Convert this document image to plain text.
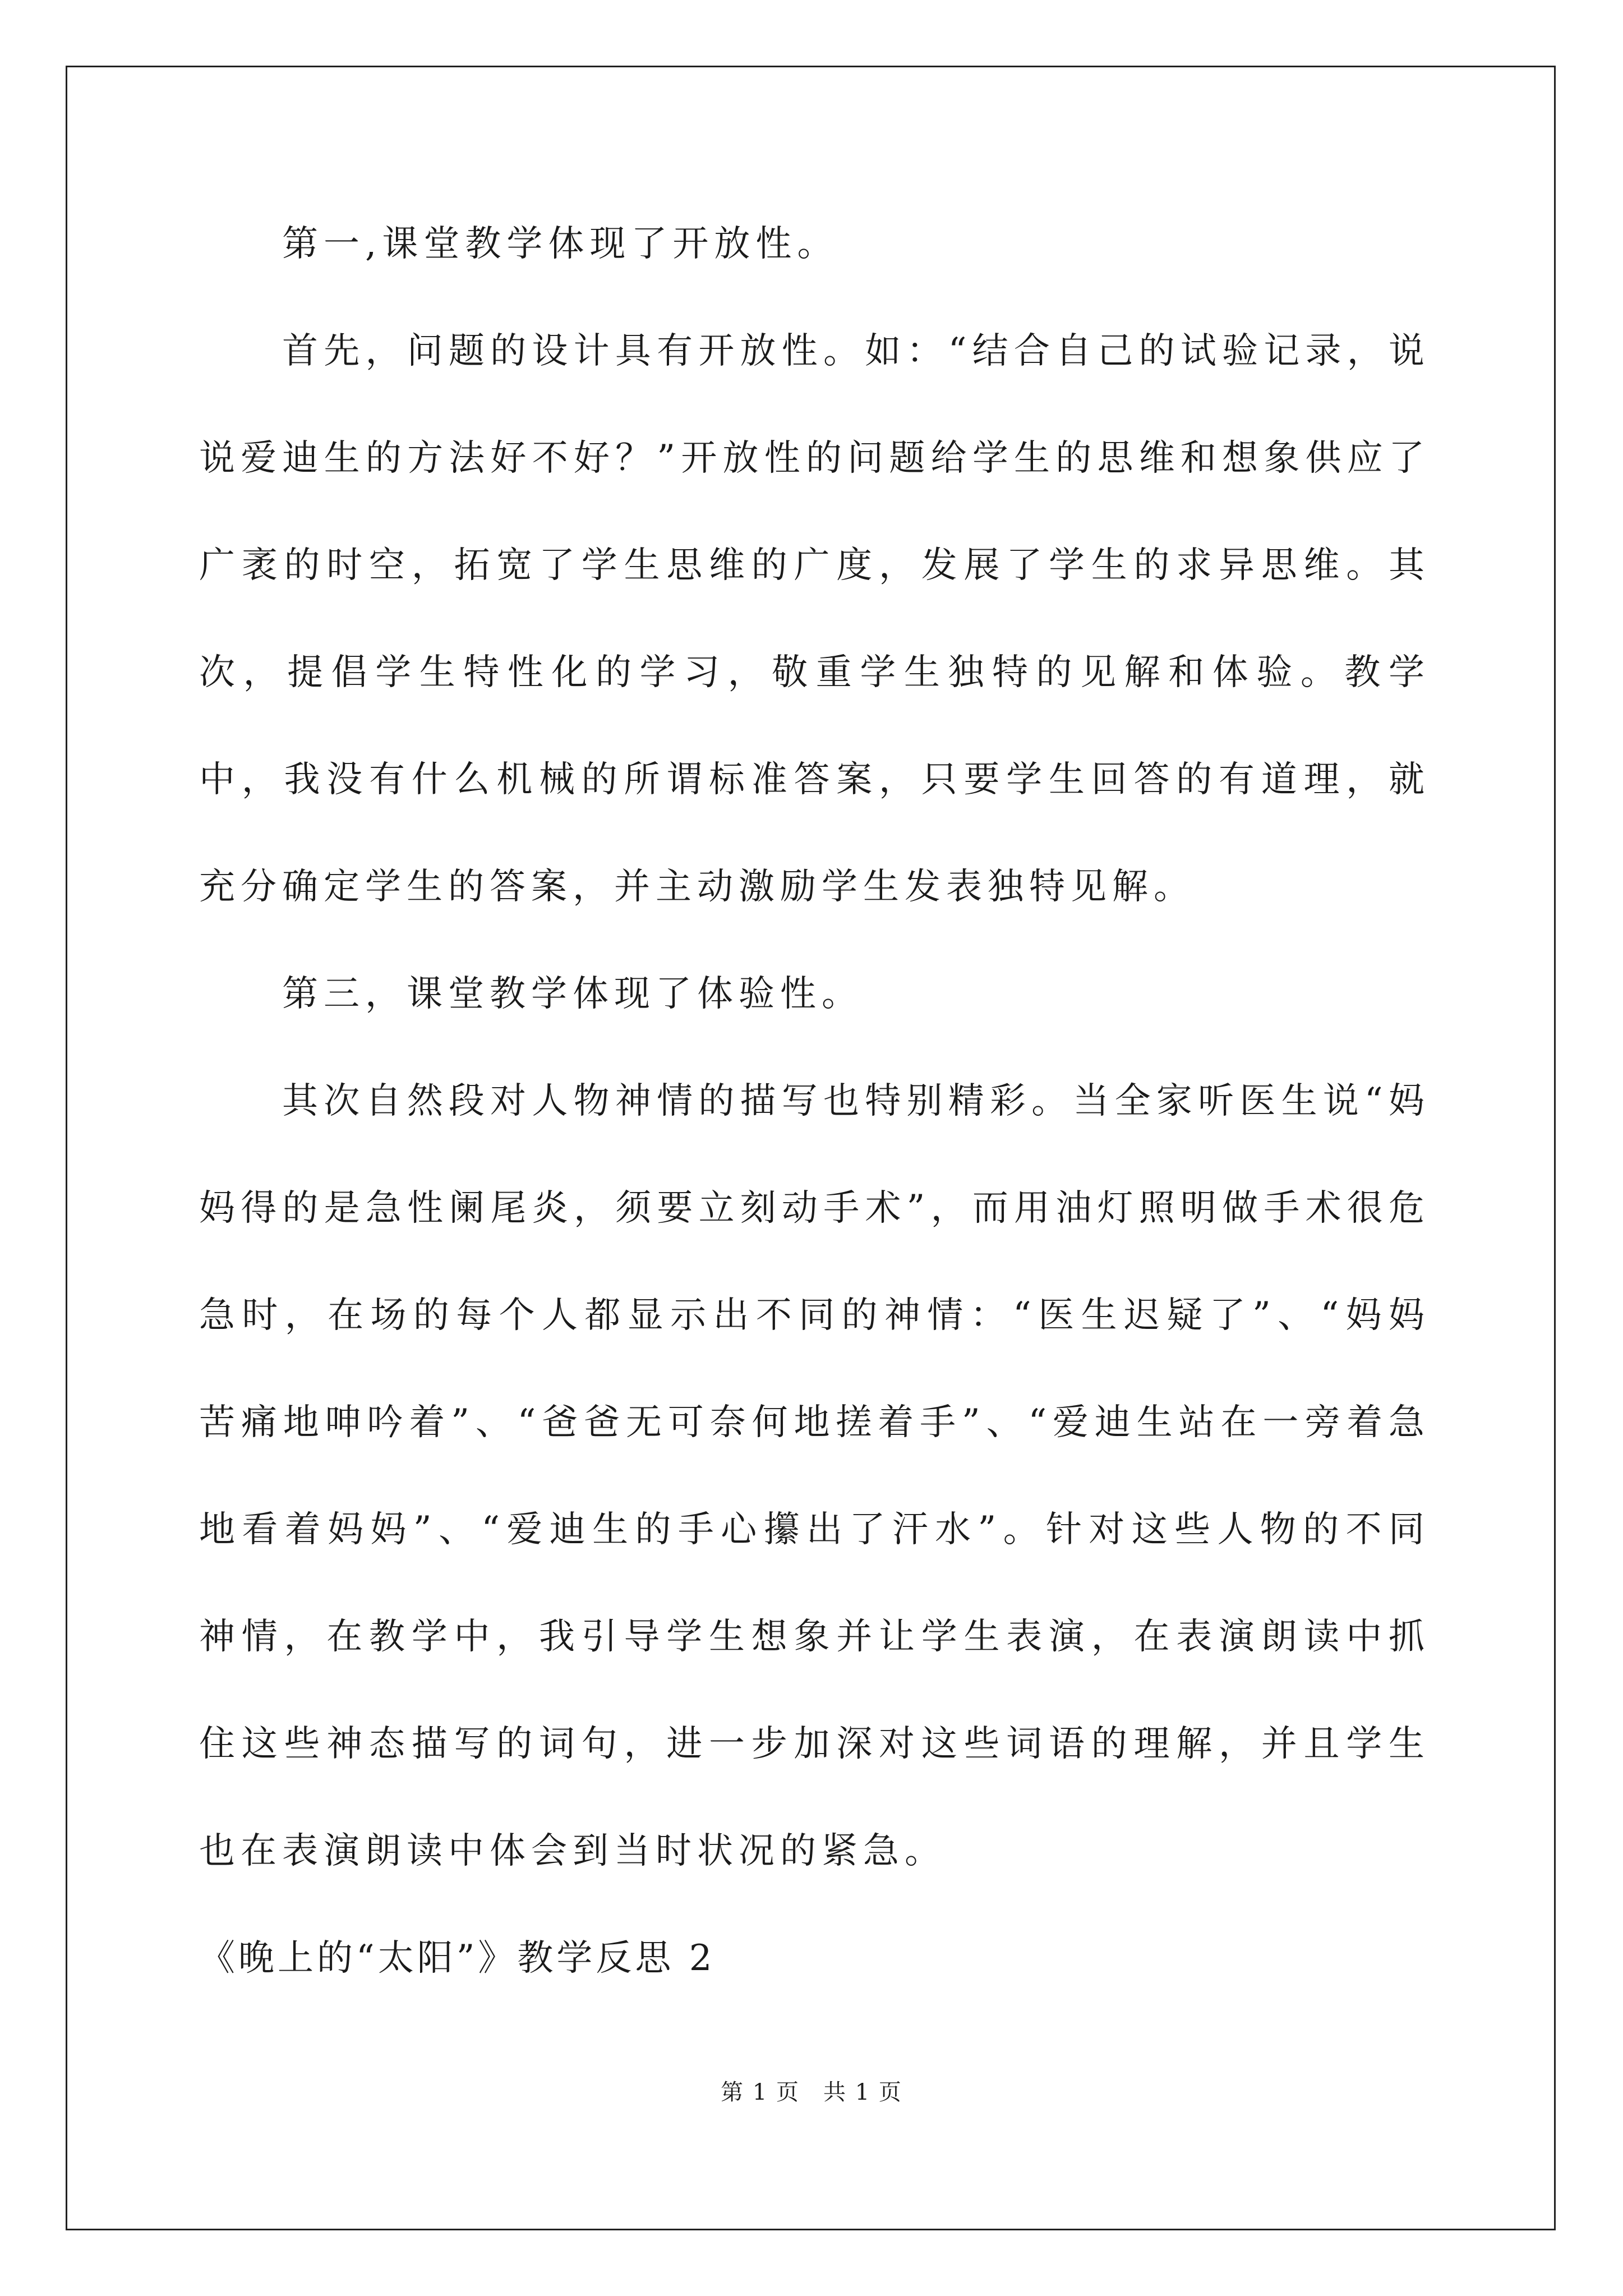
第一,课堂教学体现了开放性。

首先，问题的设计具有开放性。如：“结合自己的试验记录，说说爱迪生的方法好不好？”开放性的问题给学生的思维和想象供应了广袤的时空，拓宽了学生思维的广度，发展了学生的求异思维。其次，提倡学生特性化的学习，敬重学生独特的见解和体验。教学中，我没有什么机械的所谓标准答案，只要学生回答的有道理，就充分确定学生的答案，并主动激励学生发表独特见解。

第三，课堂教学体现了体验性。

其次自然段对人物神情的描写也特别精彩。当全家听医生说“妈妈得的是急性阑尾炎，须要立刻动手术”，而用油灯照明做手术很危急时，在场的每个人都显示出不同的神情：“医生迟疑了”、“妈妈苦痛地呻吟着”、“爸爸无可奈何地搓着手”、“爱迪生站在一旁着急地看着妈妈”、“爱迪生的手心攥出了汗水”。针对这些人物的不同神情，在教学中，我引导学生想象并让学生表演，在表演朗读中抓住这些神态描写的词句，进一步加深对这些词语的理解，并且学生也在表演朗读中体会到当时状况的紧急。

《晚上的“太阳”》教学反思 2

第 1 页　共 1 页
